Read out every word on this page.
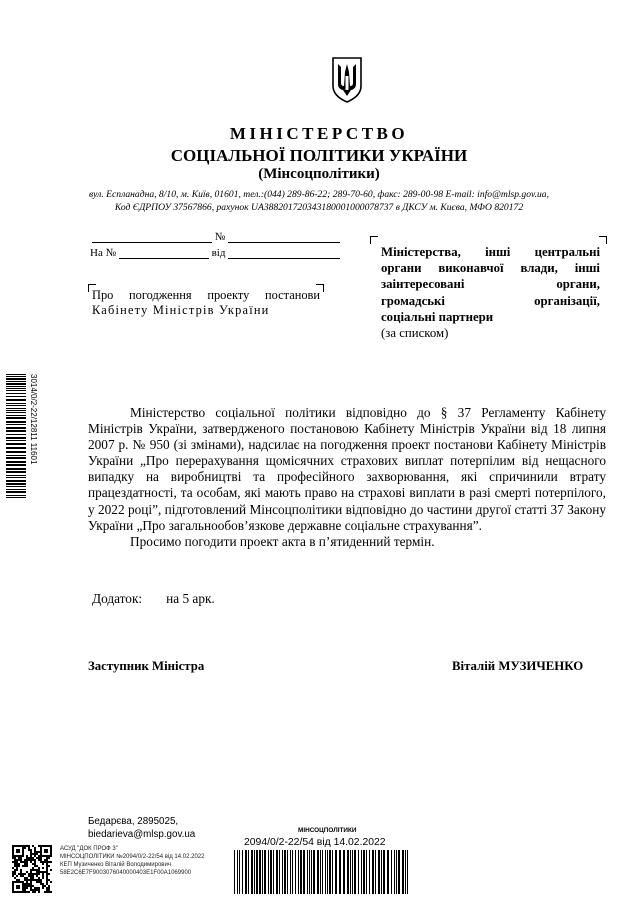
МІНІСТЕРСТВО
СОЦІАЛЬНОЇ ПОЛІТИКИ УКРАЇНИ
(Мінсоцполітики)
вул. Еспланадна, 8/10, м. Київ, 01601, тел.:(044) 289-86-22; 289-70-60, факс: 289-00-98 E-mail: info@mlsp.gov.ua,
Код ЄДРПОУ 37567866, рахунок UA388201720343180001000078737 в ДКСУ м. Києва, МФО 820172
№
На №	від

Про погодження проекту постанови

Кабінету Міністрів України

Міністерства, інші центральні
органи виконавчої влади, інші
заінтересовані органи,
громадські організації,
соціальні партнери
(за списком)
3014/0/2-22/12811 11601	Міністерство соціальної політики відповідно до § 37 Регламенту Кабінету Міністрів України, затвердженого постановою Кабінету Міністрів України від 18 липня 2007 р. № 950 (зі змінами), надсилає на погодження проект постанови Кабінету Міністрів України „Про перерахування щомісячних страхових виплат потерпілим від нещасного випадку на виробництві та професійного захворювання, які спричинили втрату працездатності, та особам, які мають право на страхові виплати в разі смерті потерпілого, у 2022 році”, підготовлений Мінсоцполітики відповідно до частини другої статті 37 Закону України „Про загальнообов’язкове державне соціальне страхування”.

Просимо погодити проект акта в п’ятиденний термін.

Додаток: на 5 арк.
Заступник Міністра	Віталій МУЗИЧЕНКО
Бедарєва, 2895025,
biedarieva@mlsp.gov.ua
АСУД "ДОК ПРОФ 3"
МІНСОЦПОЛІТИКИ №2094/0/2-22/54 від 14.02.2022
КЕП Музиченко Віталій Володимирович
58E2C6E7F9003076040000403E1F00A1069900
МІНСОЦПОЛІТИКИ
2094/0/2-22/54 від 14.02.2022
